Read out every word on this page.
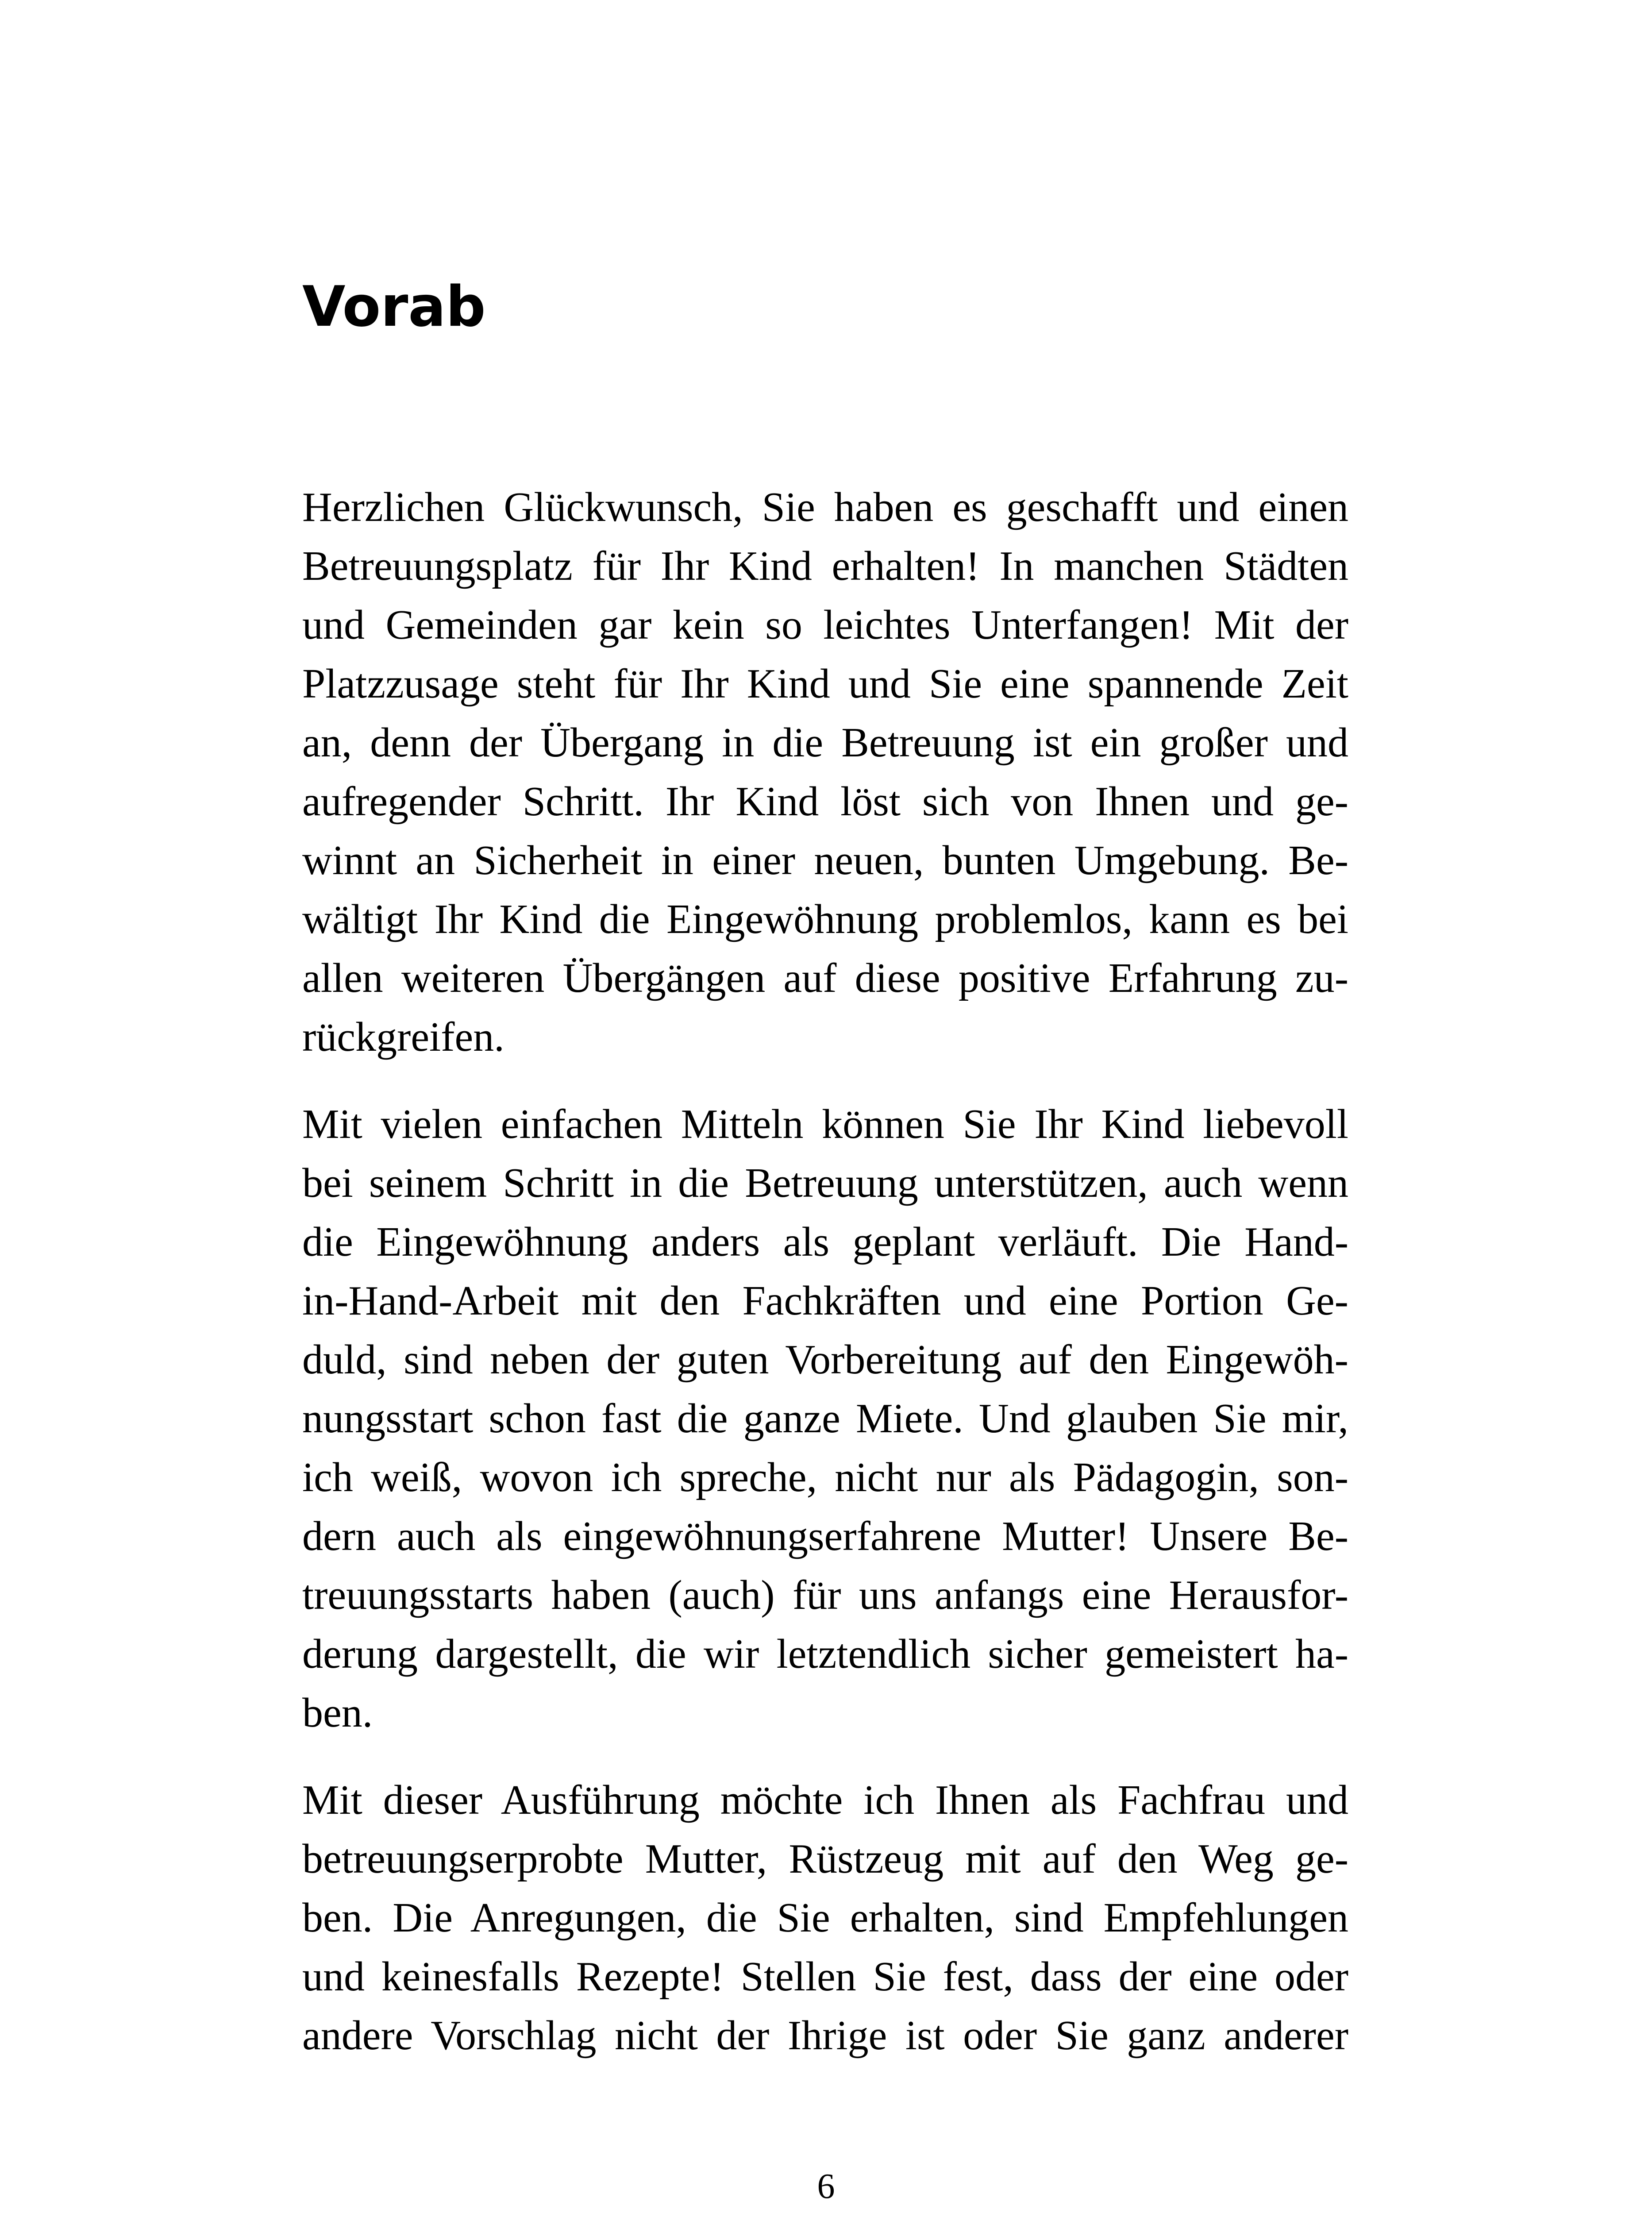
Vorab

Herzlichen Glückwunsch, Sie haben es geschafft und einen
Betreuungsplatz für Ihr Kind erhalten! In manchen Städten
und Gemeinden gar kein so leichtes Unterfangen! Mit der
Platzzusage steht für Ihr Kind und Sie eine spannende Zeit
an, denn der Übergang in die Betreuung ist ein großer und
aufregender Schritt. Ihr Kind löst sich von Ihnen und ge-
winnt an Sicherheit in einer neuen, bunten Umgebung. Be-
wältigt Ihr Kind die Eingewöhnung problemlos, kann es bei
allen weiteren Übergängen auf diese positive Erfahrung zu-
rückgreifen.

Mit vielen einfachen Mitteln können Sie Ihr Kind liebevoll
bei seinem Schritt in die Betreuung unterstützen, auch wenn
die Eingewöhnung anders als geplant verläuft. Die Hand-
in-Hand-Arbeit mit den Fachkräften und eine Portion Ge-
duld, sind neben der guten Vorbereitung auf den Eingewöh-
nungsstart schon fast die ganze Miete. Und glauben Sie mir,
ich weiß, wovon ich spreche, nicht nur als Pädagogin, son-
dern auch als eingewöhnungserfahrene Mutter! Unsere Be-
treuungsstarts haben (auch) für uns anfangs eine Herausfor-
derung dargestellt, die wir letztendlich sicher gemeistert ha-
ben.

Mit dieser Ausführung möchte ich Ihnen als Fachfrau und
betreuungserprobte Mutter, Rüstzeug mit auf den Weg ge-
ben. Die Anregungen, die Sie erhalten, sind Empfehlungen
und keinesfalls Rezepte! Stellen Sie fest, dass der eine oder
andere Vorschlag nicht der Ihrige ist oder Sie ganz anderer

6
